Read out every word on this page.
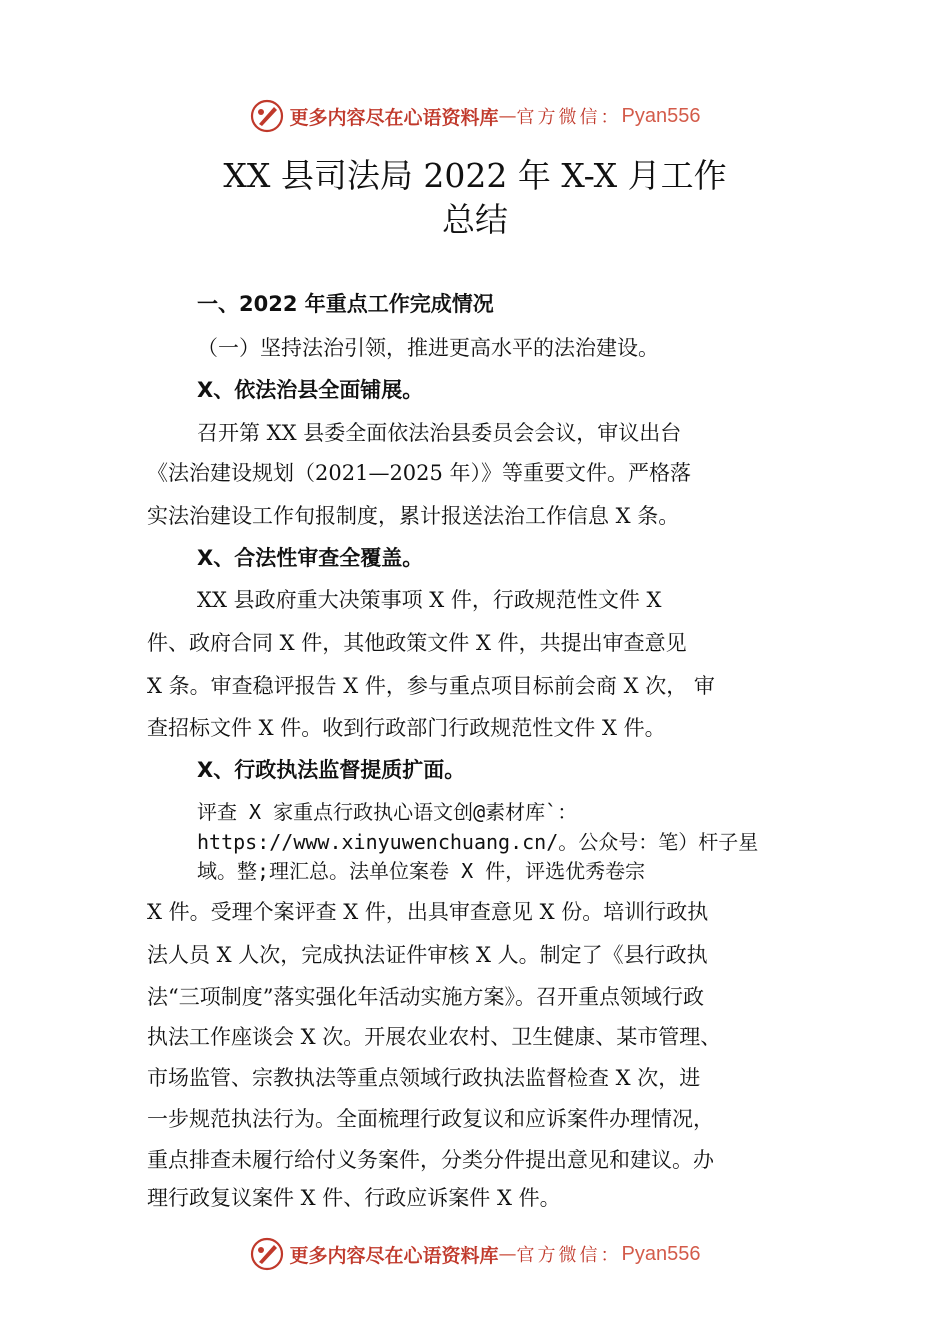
更多内容尽在心语资料库 — 官方微信： Pyan556
XX 县司法局 2022 年 X-X 月工作
总结
一、2022 年重点工作完成情况
（一）坚持法治引领，推进更高水平的法治建设。
X、依法治县全面铺展。
召开第 XX 县委全面依法治县委员会会议，审议出台
《法治建设规划（2021—2025 年）》等重要文件。严格落
实法治建设工作旬报制度，累计报送法治工作信息 X 条。
X、合法性审查全覆盖。
XX 县政府重大决策事项 X 件，行政规范性文件 X
件、政府合同 X 件，其他政策文件 X 件，共提出审查意见
X 条。审查稳评报告 X 件，参与重点项目标前会商 X 次， 审
查招标文件 X 件。收到行政部门行政规范性文件 X 件。
X、行政执法监督提质扩面。
评查 X 家重点行政执心语文创@素材库`：
https://www.xinyuwenchuang.cn/。公众号：笔）杆子星
域。整;理汇总。法单位案卷 X 件，评选优秀卷宗
X 件。受理个案评查 X 件，出具审查意见 X 份。培训行政执
法人员 X 人次，完成执法证件审核 X 人。制定了《县行政执
法“三项制度”落实强化年活动实施方案》。召开重点领域行政
执法工作座谈会 X 次。开展农业农村、卫生健康、某市管理、
市场监管、宗教执法等重点领域行政执法监督检查 X 次，进
一步规范执法行为。全面梳理行政复议和应诉案件办理情况，
重点排查未履行给付义务案件，分类分件提出意见和建议。办
理行政复议案件 X 件、行政应诉案件 X 件。
更多内容尽在心语资料库 — 官方微信： Pyan556
